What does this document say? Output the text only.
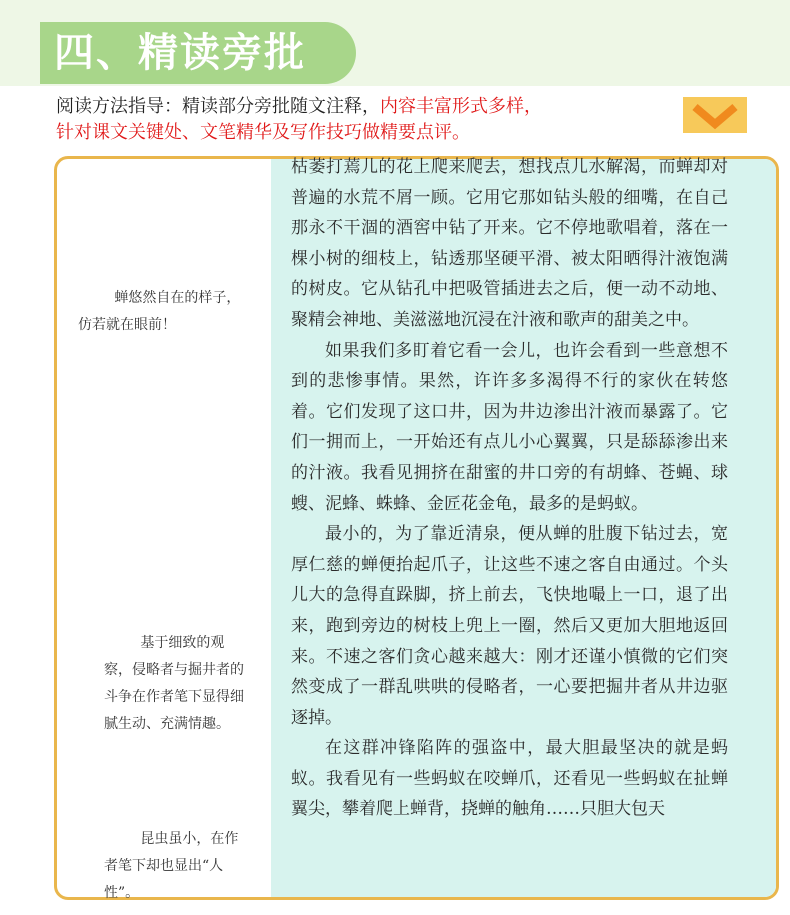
四、精读旁批
阅读方法指导：精读部分旁批随文注释，内容丰富形式多样，
针对课文关键处、文笔精华及写作技巧做精要点评。

枯萎打蔫儿的花上爬来爬去，想找点儿水解渴，而蝉却对普遍的水荒不屑一顾。它用它那如钻头般的细嘴，在自己那永不干涸的酒窖中钻了开来。它不停地歌唱着，落在一棵小树的细枝上，钻透那坚硬平滑、被太阳晒得汁液饱满的树皮。它从钻孔中把吸管插进去之后，便一动不动地、聚精会神地、美滋滋地沉浸在汁液和歌声的甜美之中。

如果我们多盯着它看一会儿，也许会看到一些意想不到的悲惨事情。果然，许许多多渴得不行的家伙在转悠着。它们发现了这口井，因为井边渗出汁液而暴露了。它们一拥而上，一开始还有点儿小心翼翼，只是舔舔渗出来的汁液。我看见拥挤在甜蜜的井口旁的有胡蜂、苍蝇、球螋、泥蜂、蛛蜂、金匠花金龟，最多的是蚂蚁。

最小的，为了靠近清泉，便从蝉的肚腹下钻过去，宽厚仁慈的蝉便抬起爪子，让这些不速之客自由通过。个头儿大的急得直跺脚，挤上前去，飞快地嘬上一口，退了出来，跑到旁边的树枝上兜上一圈，然后又更加大胆地返回来。不速之客们贪心越来越大：刚才还谨小慎微的它们突然变成了一群乱哄哄的侵略者，一心要把掘井者从井边驱逐掉。

在这群冲锋陷阵的强盗中，最大胆最坚决的就是蚂蚁。我看见有一些蚂蚁在咬蝉爪，还看见一些蚂蚁在扯蝉翼尖，攀着爬上蝉背，挠蝉的触角……只胆大包天

蝉悠然自在的样子，仿若就在眼前！
基于细致的观察，侵略者与掘井者的斗争在作者笔下显得细腻生动、充满情趣。
昆虫虽小，在作者笔下却也显出“人性”。
